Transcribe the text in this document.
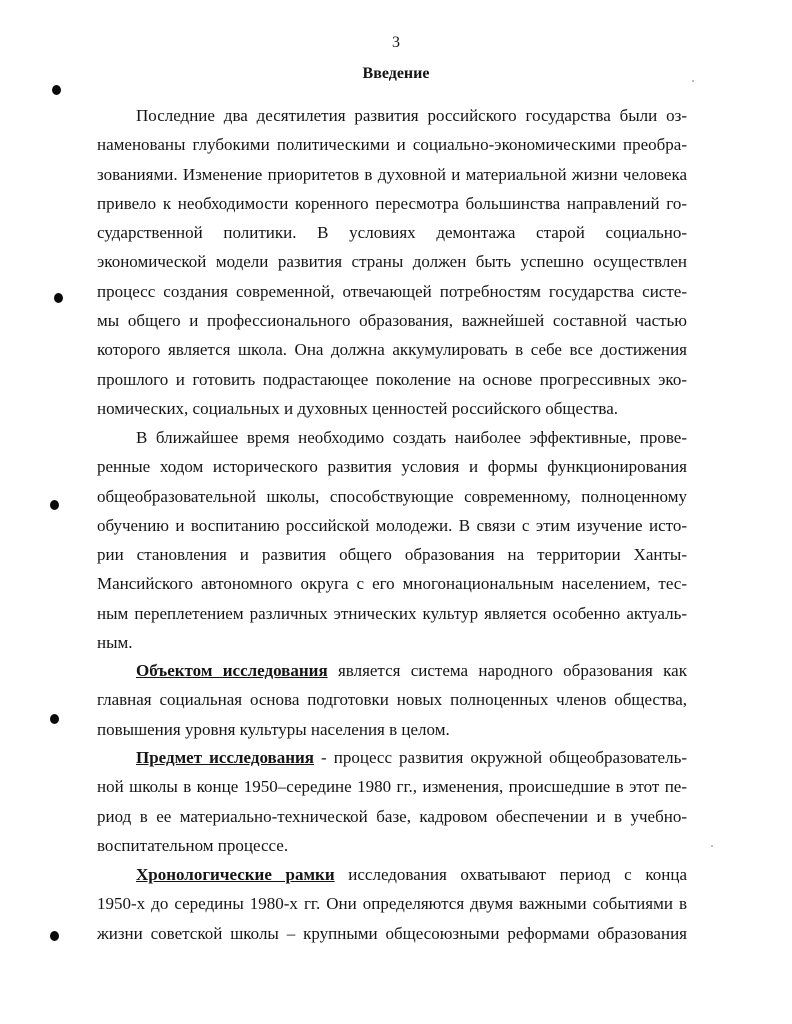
3
Введение
Последние два десятилетия развития российского государства были оз-
наменованы глубокими политическими и социально-экономическими преобра-
зованиями. Изменение приоритетов в духовной и материальной жизни человека
привело к необходимости коренного пересмотра большинства направлений го-
сударственной политики. В условиях демонтажа старой социально-
экономической модели развития страны должен быть успешно осуществлен
процесс создания современной, отвечающей потребностям государства систе-
мы общего и профессионального образования, важнейшей составной частью
которого является школа. Она должна аккумулировать в себе все достижения
прошлого и готовить подрастающее поколение на основе прогрессивных эко-
номических, социальных и духовных ценностей российского общества.
В ближайшее время необходимо создать наиболее эффективные, прове-
ренные ходом исторического развития условия и формы функционирования
общеобразовательной школы, способствующие современному, полноценному
обучению и воспитанию российской молодежи. В связи с этим изучение исто-
рии становления и развития общего образования на территории Ханты-
Мансийского автономного округа с его многонациональным населением, тес-
ным переплетением различных этнических культур является особенно актуаль-
ным.
Объектом исследования является система народного образования как
главная социальная основа подготовки новых полноценных членов общества,
повышения уровня культуры населения в целом.
Предмет исследования - процесс развития окружной общеобразователь-
ной школы в конце 1950–середине 1980 гг., изменения, происшедшие в этот пе-
риод в ее материально-технической базе, кадровом обеспечении и в учебно-
воспитательном процессе.
Хронологические рамки исследования охватывают период с конца
1950-х до середины 1980-х гг. Они определяются двумя важными событиями в
жизни советской школы – крупными общесоюзными реформами образования
